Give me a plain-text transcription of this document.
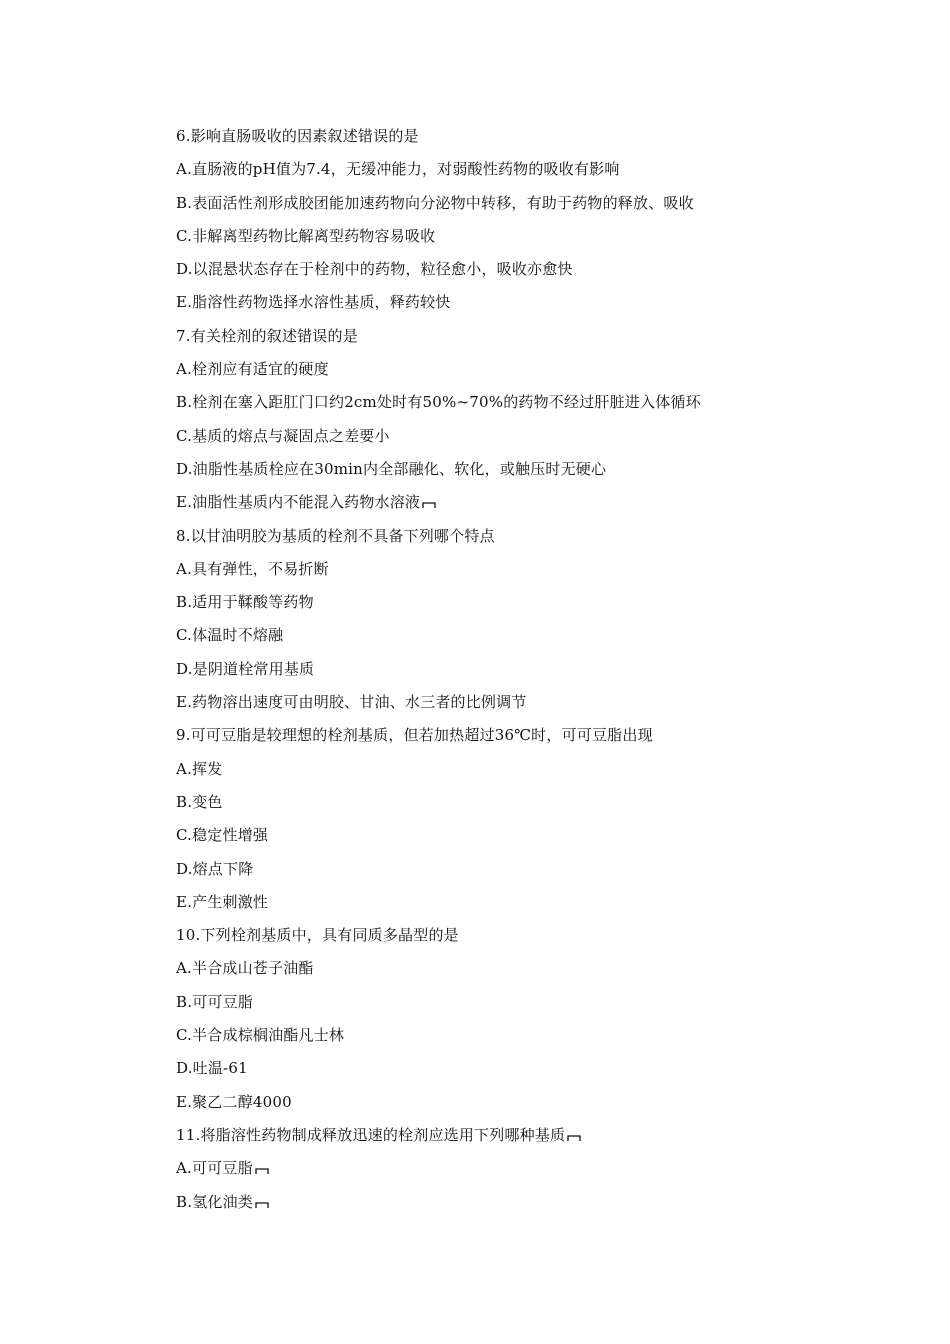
6.影响直肠吸收的因素叙述错误的是
A.直肠液的pH值为7.4，无缓冲能力，对弱酸性药物的吸收有影响
B.表面活性剂形成胶团能加速药物向分泌物中转移，有助于药物的释放、吸收
C.非解离型药物比解离型药物容易吸收
D.以混悬状态存在于栓剂中的药物，粒径愈小，吸收亦愈快
E.脂溶性药物选择水溶性基质，释药较快
7.有关栓剂的叙述错误的是
A.栓剂应有适宜的硬度
B.栓剂在塞入距肛门口约2cm处时有50%~70%的药物不经过肝脏进入体循环
C.基质的熔点与凝固点之差要小
D.油脂性基质栓应在30min内全部融化、软化，或触压时无硬心
E.油脂性基质内不能混入药物水溶液
8.以甘油明胶为基质的栓剂不具备下列哪个特点
A.具有弹性，不易折断
B.适用于鞣酸等药物
C.体温时不熔融
D.是阴道栓常用基质
E.药物溶出速度可由明胶、甘油、水三者的比例调节
9.可可豆脂是较理想的栓剂基质，但若加热超过36℃时，可可豆脂出现
A.挥发
B.变色
C.稳定性增强
D.熔点下降
E.产生刺激性
10.下列栓剂基质中，具有同质多晶型的是
A.半合成山苍子油酯
B.可可豆脂
C.半合成棕榈油酯凡士林
D.吐温-61
E.聚乙二醇4000
11.将脂溶性药物制成释放迅速的栓剂应选用下列哪种基质
A.可可豆脂
B.氢化油类
